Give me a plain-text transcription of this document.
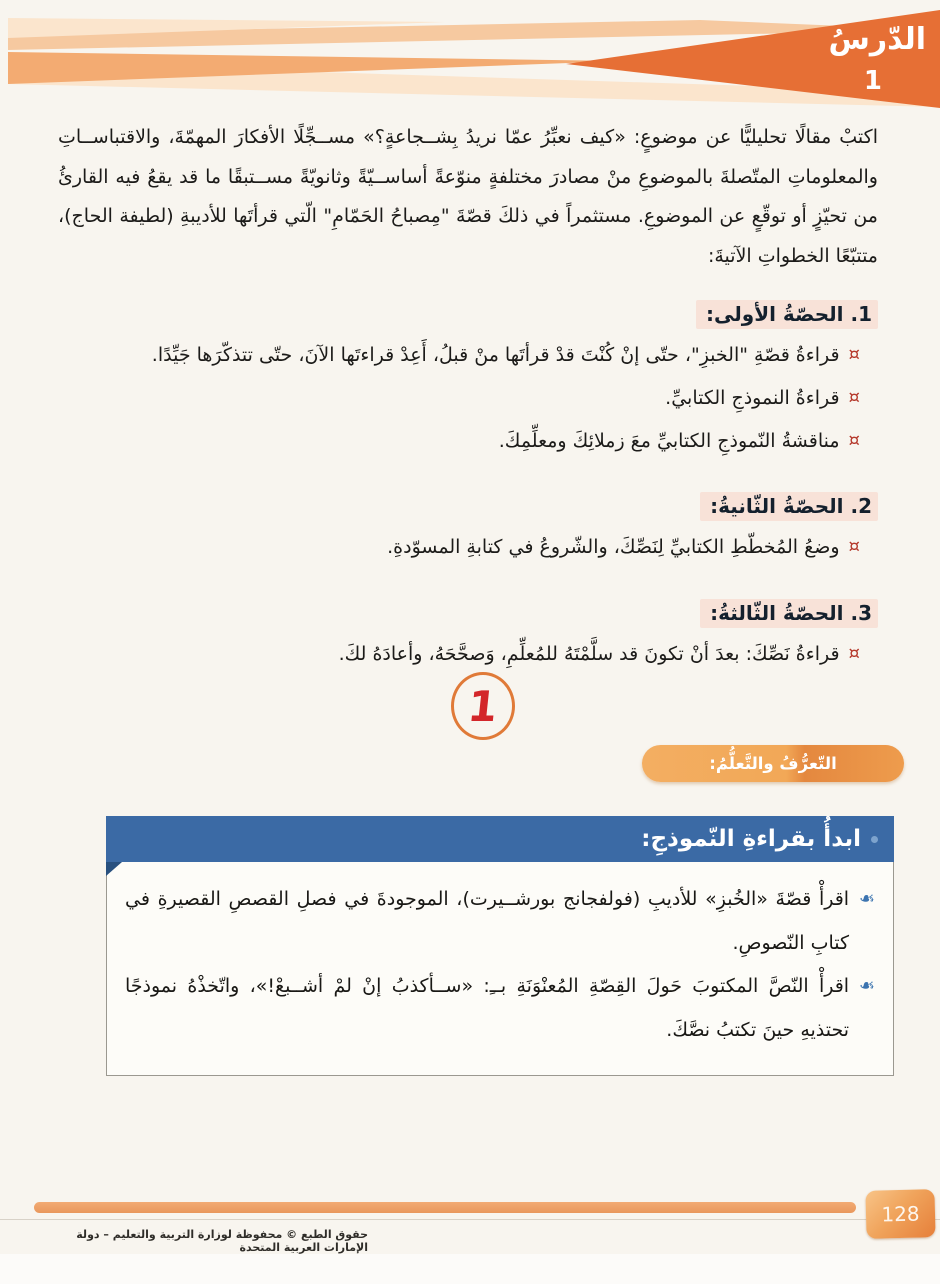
الدّرسُ
1

اكتبْ مقالًا تحليليًّا عن موضوعٍ: «كيف نعبِّرُ عمّا نريدُ بِشــجاعةٍ؟» مســجِّلًا الأفكارَ المهمّةَ، والاقتباســاتِ والمعلوماتِ المتّصلةَ بالموضوعِ منْ مصادرَ مختلفةٍ منوّعةً أساســيّةً وثانويّةً مســتبقًا ما قد يقعُ فيه القارئُ من تحيّزٍ أو توقّعٍ عن الموضوعِ. مستثمراً في ذلكَ قصّةَ "مِصباحُ الحَمّامِ" الّتي قرأتَها للأديبةِ (لطيفة الحاج)، متتبّعًا الخطواتِ الآتيةَ:

1. الحصّةُ الأولى:
¤
قراءةُ قصّةِ "الخبزِ"، حتّى إنْ كُنْتَ قدْ قرأتَها منْ قبلُ، أَعِدْ قراءتَها الآنَ، حتّى تتذكّرَها جَيِّدًا.
¤
قراءةُ النموذجِ الكتابيِّ.
¤
مناقشةُ النّموذجِ الكتابيِّ معَ زملائِكَ ومعلِّمِكَ.
2. الحصّةُ الثّانيةُ:
¤
وضعُ المُخطّطِ الكتابيِّ لِنَصِّكَ، والشّروعُ في كتابةِ المسوّدةِ.
3. الحصّةُ الثّالثةُ:
¤
قراءةُ نَصِّكَ: بعدَ أنْ تكونَ قد سلَّمْتَهُ للمُعلِّمِ، وَصحَّحَهُ، وأعادَهُ لكَ.
1
التّعرُّفُ والتَّعلُّمُ:
ابدأُ بقراءةِ النّموذجِ:
❧
اقرأْ قصّةَ «الخُبزِ» للأديبِ (فولفجانج بورشــيرت)، الموجودةَ في فصلِ القصصِ القصيرةِ في كتابِ النّصوصِ.
❧
اقرأْ النّصَّ المكتوبَ حَولَ القِصّةِ المُعنْوَنَةِ بــِ: «ســأكذبُ إنْ لمْ أشــبعْ!»، واتّخذْهُ نموذجًا تحتذيهِ حينَ تكتبُ نصَّكَ.
128
حقوق الطبع © محفوظة لوزارة التربية والتعليم – دولة الإمارات العربية المتحدة
